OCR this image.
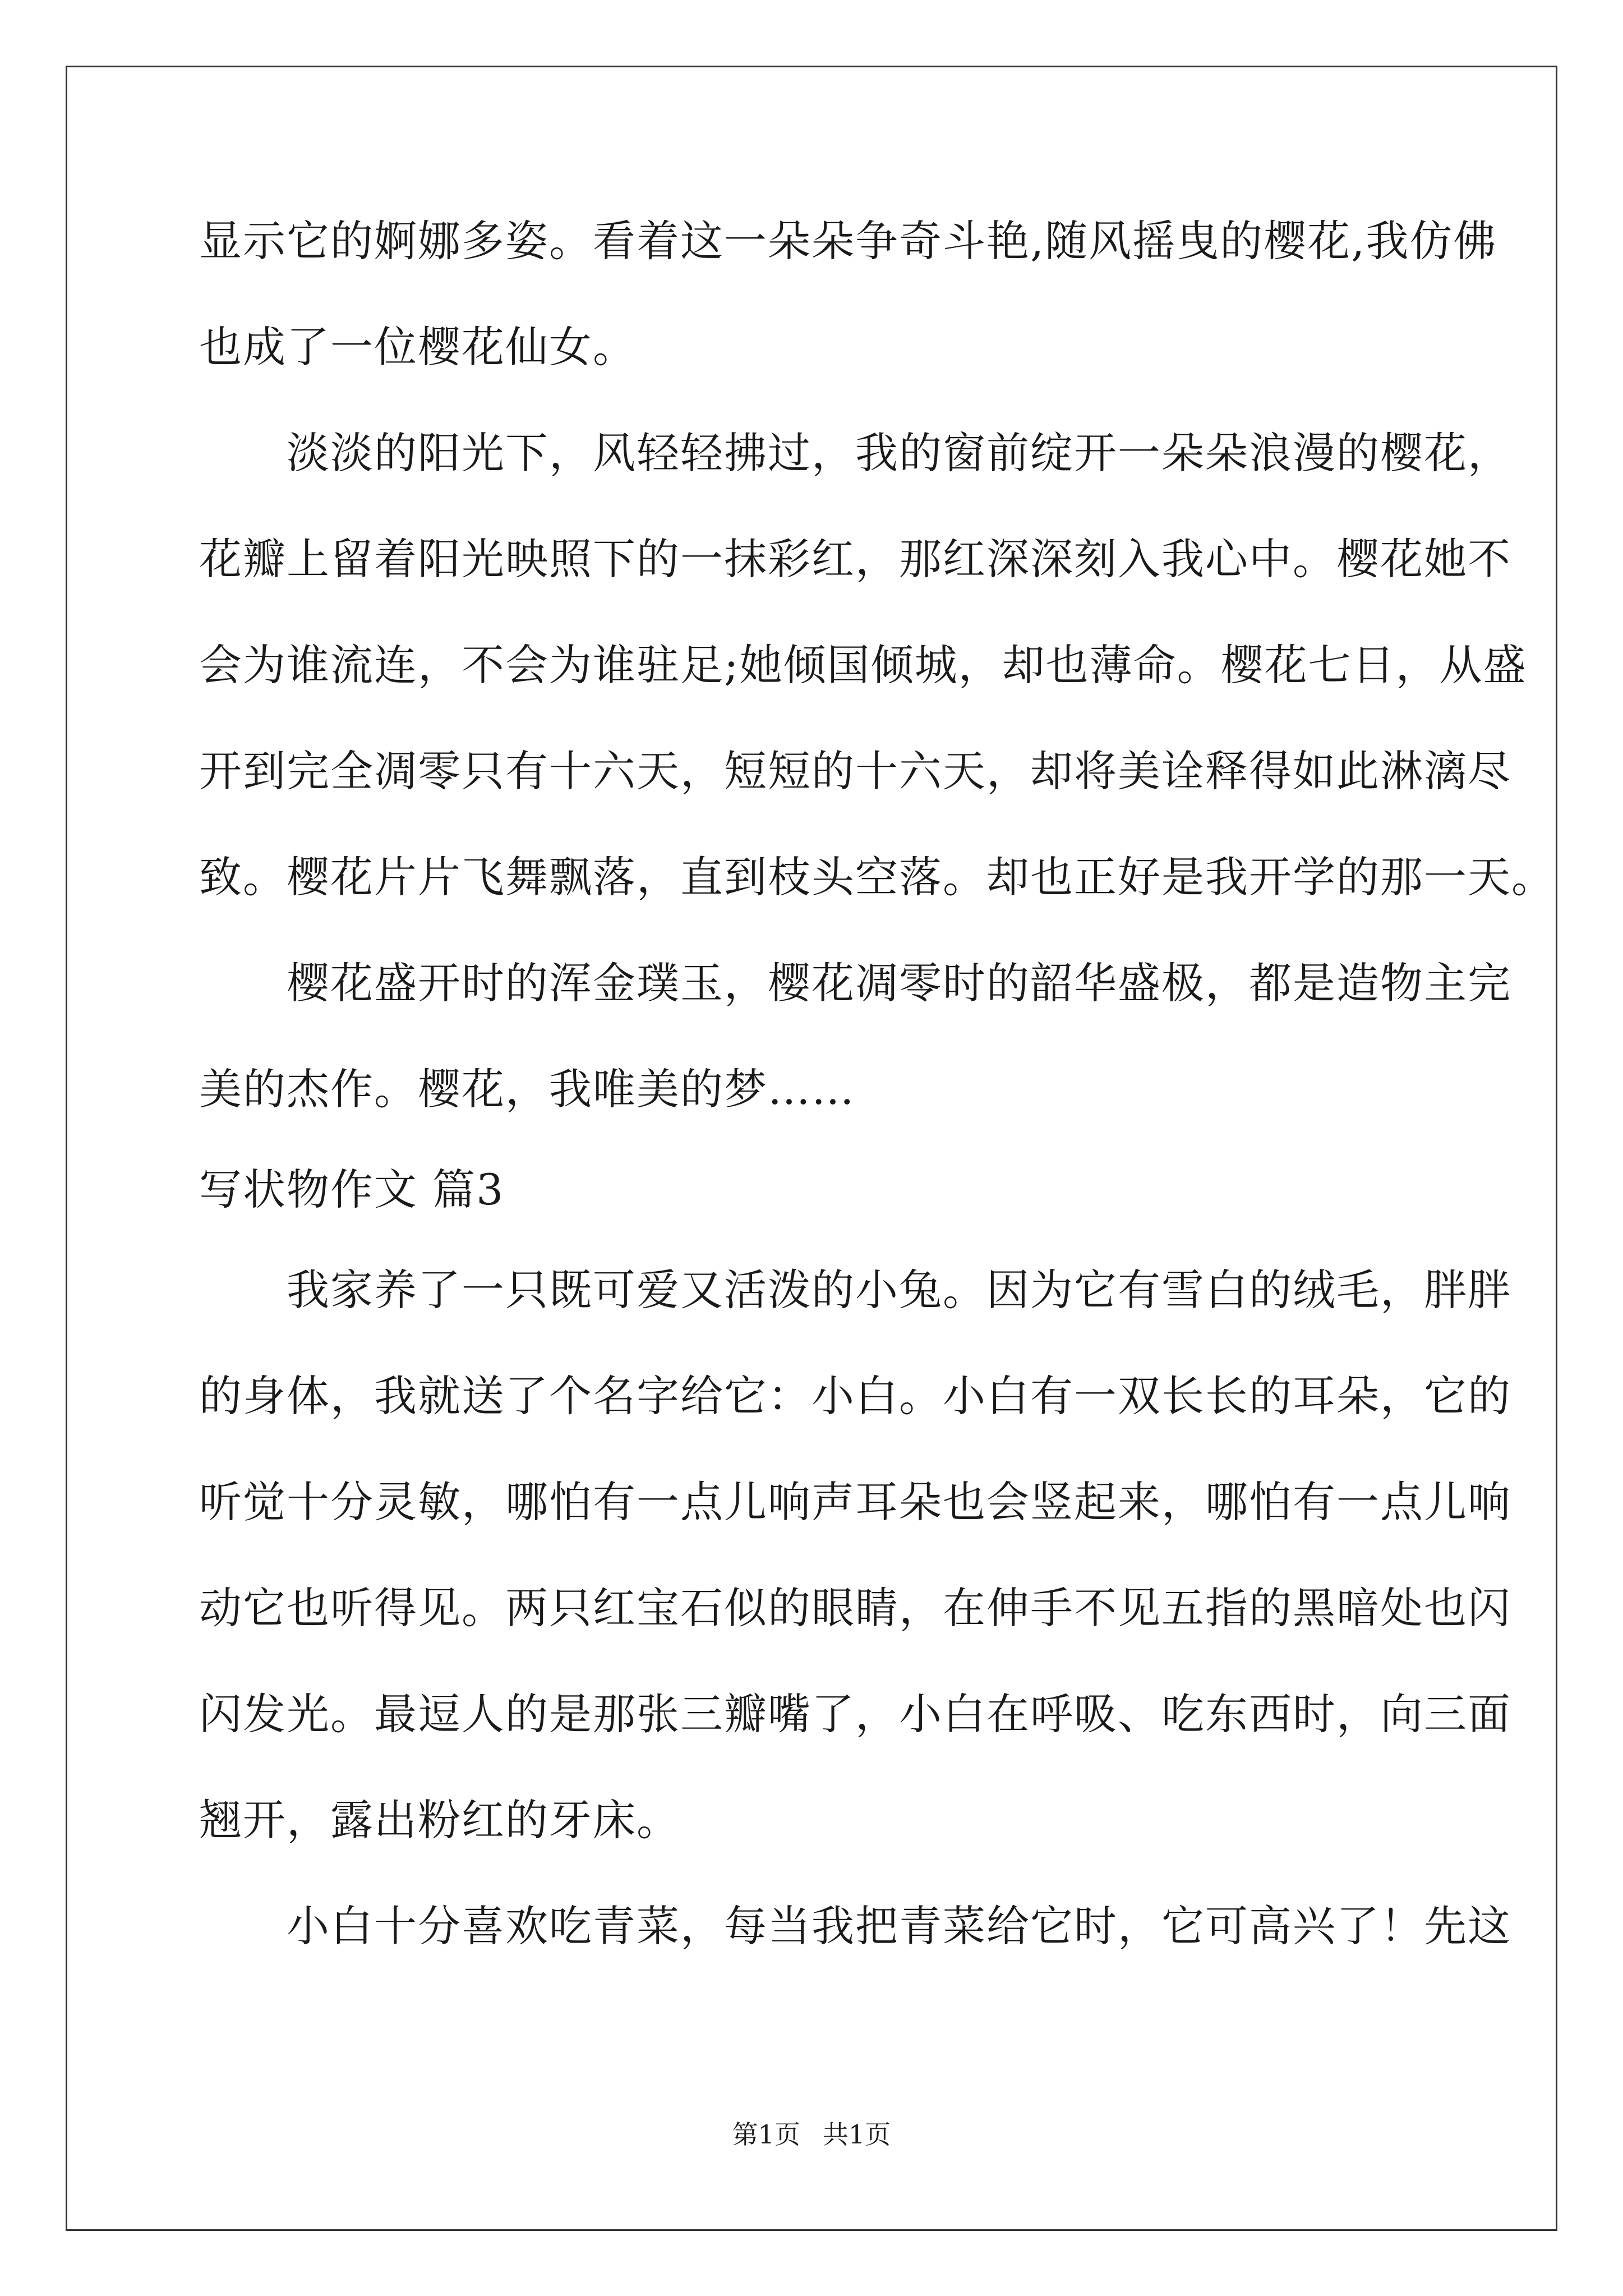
显示它的婀娜多姿。看着这一朵朵争奇斗艳,随风摇曳的樱花,我仿佛
也成了一位樱花仙女。
　　淡淡的阳光下，风轻轻拂过，我的窗前绽开一朵朵浪漫的樱花，
花瓣上留着阳光映照下的一抹彩红，那红深深刻入我心中。樱花她不
会为谁流连，不会为谁驻足;她倾国倾城，却也薄命。樱花七日，从盛
开到完全凋零只有十六天，短短的十六天，却将美诠释得如此淋漓尽
致。樱花片片飞舞飘落，直到枝头空落。却也正好是我开学的那一天。
　　樱花盛开时的浑金璞玉，樱花凋零时的韶华盛极，都是造物主完
美的杰作。樱花，我唯美的梦……
写状物作文 篇3
　　我家养了一只既可爱又活泼的小兔。因为它有雪白的绒毛，胖胖
的身体，我就送了个名字给它：小白。小白有一双长长的耳朵，它的
听觉十分灵敏，哪怕有一点儿响声耳朵也会竖起来，哪怕有一点儿响
动它也听得见。两只红宝石似的眼睛，在伸手不见五指的黑暗处也闪
闪发光。最逗人的是那张三瓣嘴了，小白在呼吸、吃东西时，向三面
翘开，露出粉红的牙床。
　　小白十分喜欢吃青菜，每当我把青菜给它时，它可高兴了！先这
第1页 共1页
